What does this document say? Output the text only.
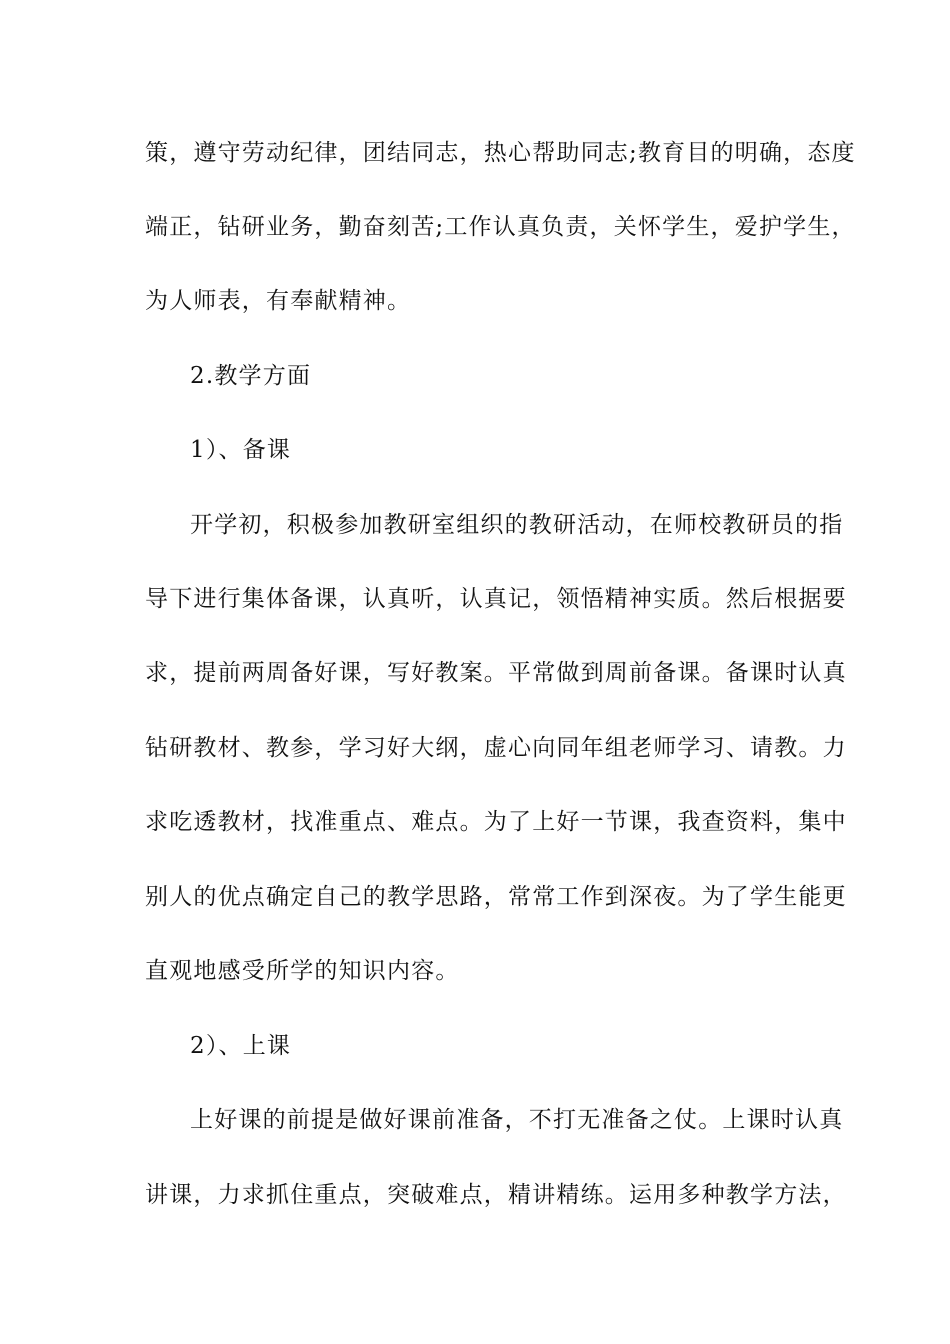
策，遵守劳动纪律，团结同志，热心帮助同志;教育目的明确，态度
端正，钻研业务，勤奋刻苦;工作认真负责，关怀学生，爱护学生，
为人师表，有奉献精神。
2.教学方面
1）、备课
开学初，积极参加教研室组织的教研活动，在师校教研员的指
导下进行集体备课，认真听，认真记，领悟精神实质。然后根据要
求，提前两周备好课，写好教案。平常做到周前备课。备课时认真
钻研教材、教参，学习好大纲，虚心向同年组老师学习、请教。力
求吃透教材，找准重点、难点。为了上好一节课，我查资料，集中
别人的优点确定自己的教学思路，常常工作到深夜。为了学生能更
直观地感受所学的知识内容。
2）、上课
上好课的前提是做好课前准备，不打无准备之仗。上课时认真
讲课，力求抓住重点，突破难点，精讲精练。运用多种教学方法，
